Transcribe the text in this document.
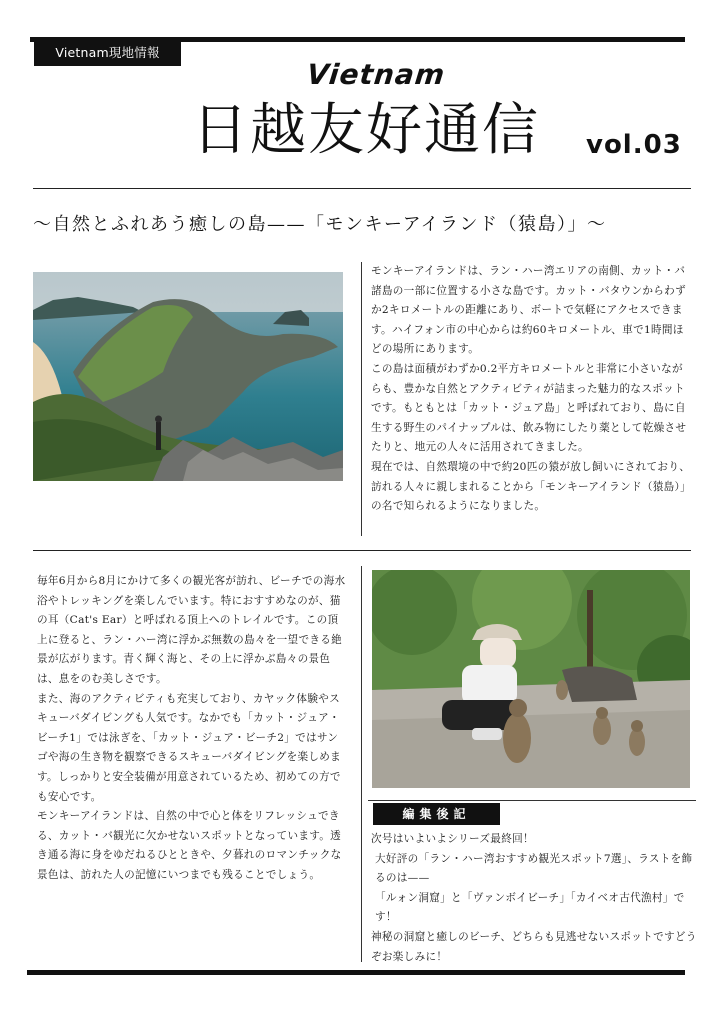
Vietnam現地情報
Vietnam
日越友好通信 vol.03
〜自然とふれあう癒しの島——「モンキーアイランド（猿島）」〜

モンキーアイランドは、ラン・ハー湾エリアの南側、カット・バ諸島の一部に位置する小さな島です。カット・バタウンからわずか2キロメートルの距離にあり、ボートで気軽にアクセスできます。ハイフォン市の中心からは約60キロメートル、車で1時間ほどの場所にあります。

この島は面積がわずか0.2平方キロメートルと非常に小さいながらも、豊かな自然とアクティビティが詰まった魅力的なスポットです。もともとは「カット・ジュア島」と呼ばれており、島に自生する野生のパイナップルは、飲み物にしたり薬として乾燥させたりと、地元の人々に活用されてきました。

現在では、自然環境の中で約20匹の猿が放し飼いにされており、訪れる人々に親しまれることから「モンキーアイランド（猿島）」の名で知られるようになりました。

毎年6月から8月にかけて多くの観光客が訪れ、ビーチでの海水浴やトレッキングを楽しんでいます。特におすすめなのが、猫の耳（Cat's Ear）と呼ばれる頂上へのトレイルです。この頂上に登ると、ラン・ハー湾に浮かぶ無数の島々を一望できる絶景が広がります。青く輝く海と、その上に浮かぶ島々の景色は、息をのむ美しさです。

また、海のアクティビティも充実しており、カヤック体験やスキューバダイビングも人気です。なかでも「カット・ジュア・ビーチ1」では泳ぎを、「カット・ジュア・ビーチ2」ではサンゴや海の生き物を観察できるスキューバダイビングを楽しめます。しっかりと安全装備が用意されているため、初めての方でも安心です。

モンキーアイランドは、自然の中で心と体をリフレッシュできる、カット・バ観光に欠かせないスポットとなっています。透き通る海に身をゆだねるひとときや、夕暮れのロマンチックな景色は、訪れた人の記憶にいつまでも残ることでしょう。

編集後記

次号はいよいよシリーズ最終回！

大好評の「ラン・ハー湾おすすめ観光スポット7選」、ラストを飾るのは——

「ルォン洞窟」と「ヴァンボイビーチ」「カイベオ古代漁村」です！

神秘の洞窟と癒しのビーチ、どちらも見逃せないスポットですどうぞお楽しみに！
